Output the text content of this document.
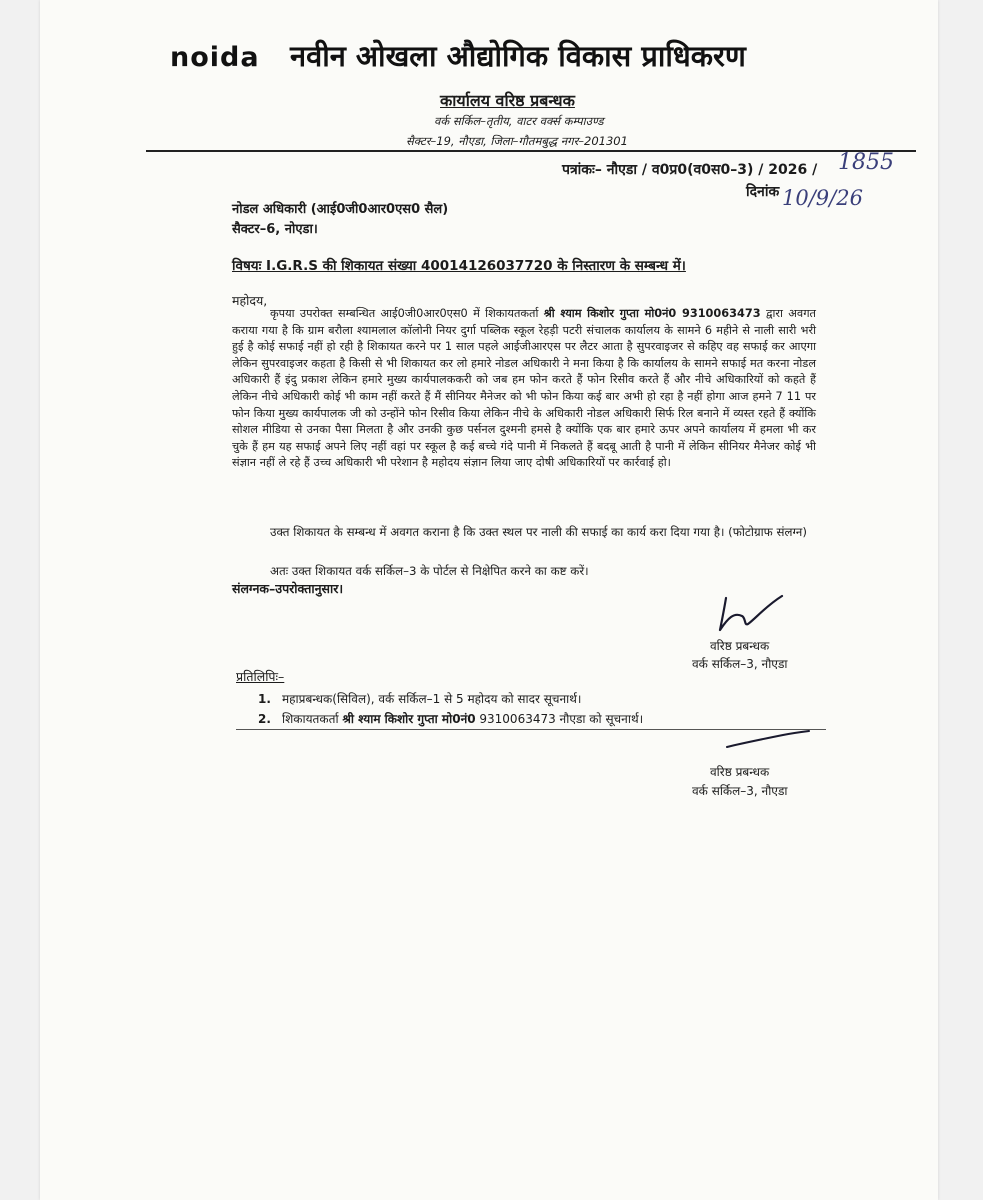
noida नवीन ओखला औद्योगिक विकास प्राधिकरण
कार्यालय वरिष्ठ प्रबन्धक
वर्क सर्किल–तृतीय, वाटर वर्क्स कम्पाउण्ड
सैक्टर–19, नौएडा, जिला–गौतमबुद्ध नगर–201301
पत्रांकः– नौएडा / व0प्र0(व0स0–3) / 2026 / 1855
दिनांक 10/9/26
नोडल अधिकारी (आई0जी0आर0एस0 सैल)
सैक्टर–6, नोएडा।
विषयः I.G.R.S की शिकायत संख्या 40014126037720 के निस्तारण के सम्बन्ध में।
महोदय,
कृपया उपरोक्त सम्बन्धित आई0जी0आर0एस0 में शिकायतकर्ता श्री श्याम किशोर गुप्ता मो0नं0 9310063473 द्वारा अवगत कराया गया है कि ग्राम बरौला श्यामलाल कॉलोनी नियर दुर्गा पब्लिक स्कूल रेहड़ी पटरी संचालक कार्यालय के सामने 6 महीने से नाली सारी भरी हुई है कोई सफाई नहीं हो रही है शिकायत करने पर 1 साल पहले आईजीआरएस पर लैटर आता है सुपरवाइजर से कहिए वह सफाई कर आएगा लेकिन सुपरवाइजर कहता है किसी से भी शिकायत कर लो हमारे नोडल अधिकारी ने मना किया है कि कार्यालय के सामने सफाई मत करना नोडल अधिकारी हैं इंदु प्रकाश लेकिन हमारे मुख्य कार्यपालककरी को जब हम फोन करते हैं फोन रिसीव करते हैं और नीचे अधिकारियों को कहते हैं लेकिन नीचे अधिकारी कोई भी काम नहीं करते हैं मैं सीनियर मैनेजर को भी फोन किया कई बार अभी हो रहा है नहीं होगा आज हमने 7 11 पर फोन किया मुख्य कार्यपालक जी को उन्होंने फोन रिसीव किया लेकिन नीचे के अधिकारी नोडल अधिकारी सिर्फ रिल बनाने में व्यस्त रहते हैं क्योंकि सोशल मीडिया से उनका पैसा मिलता है और उनकी कुछ पर्सनल दुश्मनी हमसे है क्योंकि एक बार हमारे ऊपर अपने कार्यालय में हमला भी कर चुके हैं हम यह सफाई अपने लिए नहीं वहां पर स्कूल है कई बच्चे गंदे पानी में निकलते हैं बदबू आती है पानी में लेकिन सीनियर मैनेजर कोई भी संज्ञान नहीं ले रहे हैं उच्च अधिकारी भी परेशान है महोदय संज्ञान लिया जाए दोषी अधिकारियों पर कार्रवाई हो।
उक्त शिकायत के सम्बन्ध में अवगत कराना है कि उक्त स्थल पर नाली की सफाई का कार्य करा दिया गया है। (फोटोग्राफ संलग्न)
अतः उक्त शिकायत वर्क सर्किल–3 के पोर्टल से निक्षेपित करने का कष्ट करें।
संलग्नक–उपरोक्तानुसार।
वरिष्ठ प्रबन्धक
वर्क सर्किल–3, नौएडा
प्रतिलिपिः–
1. महाप्रबन्धक(सिविल), वर्क सर्किल–1 से 5 महोदय को सादर सूचनार्थ।
2. शिकायतकर्ता श्री श्याम किशोर गुप्ता मो0नं0 9310063473 नौएडा को सूचनार्थ।
वरिष्ठ प्रबन्धक
वर्क सर्किल–3, नौएडा
